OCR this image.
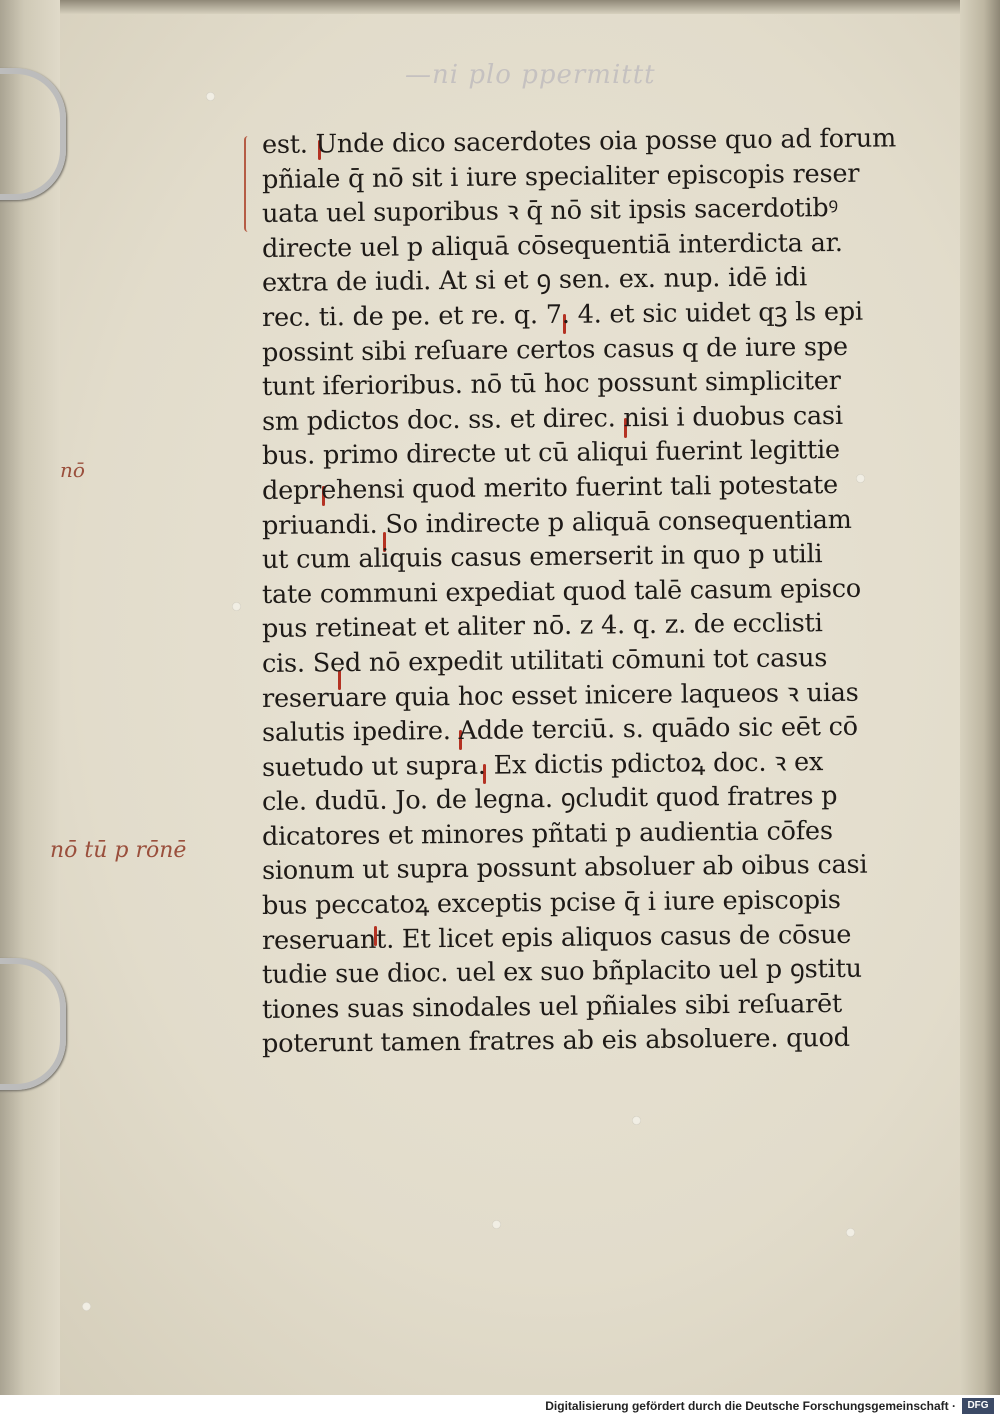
—ni plo ppermittt
nō
nō tū p rōnē
est. Unde dico sacerdotes oia posse quo ad forum
pñiale q̄ nō sit i iure specialiter episcopis reser
uata uel suporibus ꝛ q̄ nō sit ipsis sacerdotibꝰ
directe uel p aliquā cōsequentiā interdicta ar.
extra de iudi. At si et ꝯ sen. ex. nup. idē idi
rec. ti. de pe. et re. q. 7. 4. et sic uidet qꝫ ls epi
possint sibi reſuare certos casus q de iure spe
tunt iferioribus. nō tū hoc possunt simpliciter
sm pdictos doc. ss. et direc. nisi i duobus casi
bus. primo directe ut cū aliqui fuerint legittie
deprehensi quod merito fuerint tali potestate
priuandi. So indirecte p aliquā consequentiam
ut cum aliquis casus emerserit in quo p utili
tate communi expediat quod talē casum episco
pus retineat et aliter nō. z 4. q. z. de ecclisti
cis. Sed nō expedit utilitati cōmuni tot casus
reseruare quia hoc esset inicere laqueos ꝛ uias
salutis ipedire. Adde terciū. s. quādo sic eēt cō
suetudo ut supra. Ex dictis pdictoꝝ doc. ꝛ ex
cle. dudū. Jo. de legna. ꝯcludit quod fratres p
dicatores et minores pñtati p audientia cōfes
sionum ut supra possunt absoluer ab oibus casi
bus peccatoꝝ exceptis pcise q̄ i iure episcopis
reseruant. Et licet epis aliquos casus de cōsue
tudie sue dioc. uel ex suo bñplacito uel p ꝯstitu
tiones suas sinodales uel pñiales sibi reſuarēt
poterunt tamen fratres ab eis absoluere. quod
Digitalisierung gefördert durch die Deutsche Forschungsgemeinschaft ·	DFG
